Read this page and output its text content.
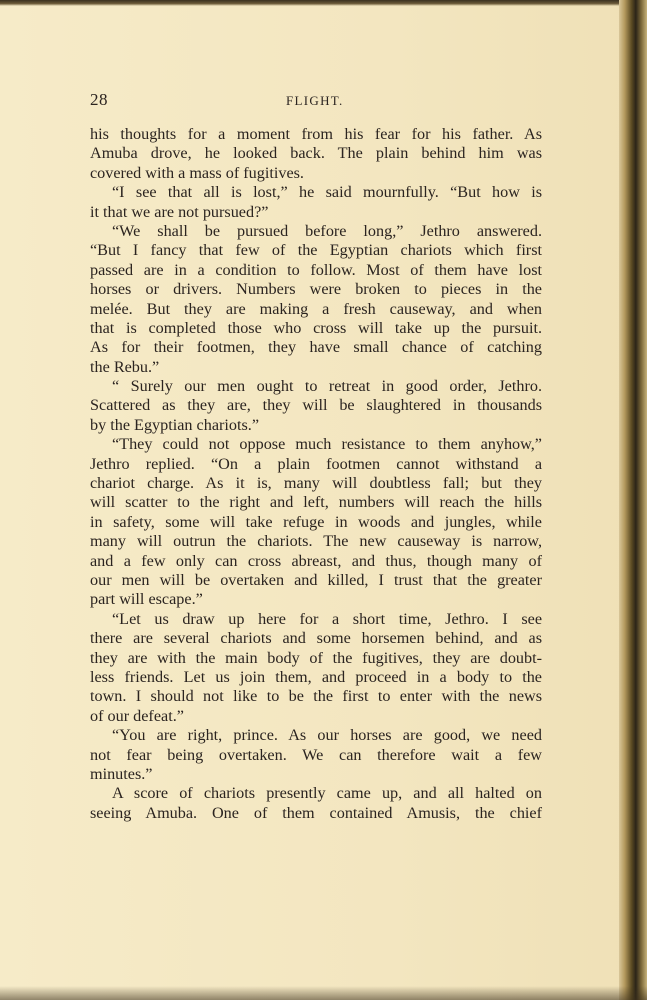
28	FLIGHT.
his thoughts for a moment from his fear for his father. As
Amuba drove, he looked back. The plain behind him was
covered with a mass of fugitives.
“I see that all is lost,” he said mournfully. “But how is
it that we are not pursued?”
“We shall be pursued before long,” Jethro answered.
“But I fancy that few of the Egyptian chariots which first
passed are in a condition to follow. Most of them have lost
horses or drivers. Numbers were broken to pieces in the
melée. But they are making a fresh causeway, and when
that is completed those who cross will take up the pursuit.
As for their footmen, they have small chance of catching
the Rebu.”
“ Surely our men ought to retreat in good order, Jethro.
Scattered as they are, they will be slaughtered in thousands
by the Egyptian chariots.”
“They could not oppose much resistance to them anyhow,”
Jethro replied. “On a plain footmen cannot withstand a
chariot charge. As it is, many will doubtless fall; but they
will scatter to the right and left, numbers will reach the hills
in safety, some will take refuge in woods and jungles, while
many will outrun the chariots. The new causeway is narrow,
and a few only can cross abreast, and thus, though many of
our men will be overtaken and killed, I trust that the greater
part will escape.”
“Let us draw up here for a short time, Jethro. I see
there are several chariots and some horsemen behind, and as
they are with the main body of the fugitives, they are doubt-
less friends. Let us join them, and proceed in a body to the
town. I should not like to be the first to enter with the news
of our defeat.”
“You are right, prince. As our horses are good, we need
not fear being overtaken. We can therefore wait a few
minutes.”
A score of chariots presently came up, and all halted on
seeing Amuba. One of them contained Amusis, the chief
